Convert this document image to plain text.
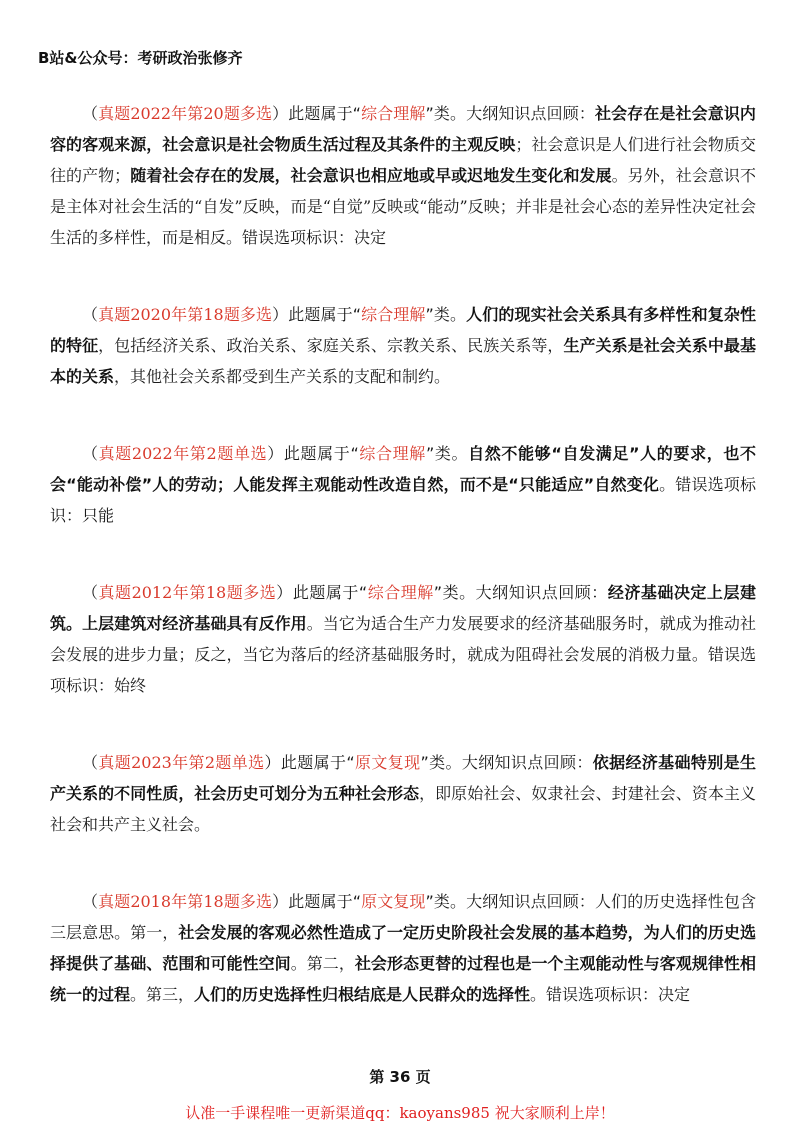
B站&公众号：考研政治张修齐

（真题2022年第20题多选）此题属于“综合理解”类。大纲知识点回顾：社会存在是社会意识内容的客观来源，社会意识是社会物质生活过程及其条件的主观反映；社会意识是人们进行社会物质交往的产物；随着社会存在的发展，社会意识也相应地或早或迟地发生变化和发展。另外，社会意识不是主体对社会生活的“自发”反映，而是“自觉”反映或“能动”反映；并非是社会心态的差异性决定社会生活的多样性，而是相反。错误选项标识：决定

（真题2020年第18题多选）此题属于“综合理解”类。人们的现实社会关系具有多样性和复杂性的特征，包括经济关系、政治关系、家庭关系、宗教关系、民族关系等，生产关系是社会关系中最基本的关系，其他社会关系都受到生产关系的支配和制约。

（真题2022年第2题单选）此题属于“综合理解”类。自然不能够“自发满足”人的要求，也不会“能动补偿”人的劳动；人能发挥主观能动性改造自然，而不是“只能适应”自然变化。错误选项标识：只能

（真题2012年第18题多选）此题属于“综合理解”类。大纲知识点回顾：经济基础决定上层建筑。上层建筑对经济基础具有反作用。当它为适合生产力发展要求的经济基础服务时，就成为推动社会发展的进步力量；反之，当它为落后的经济基础服务时，就成为阻碍社会发展的消极力量。错误选项标识：始终

（真题2023年第2题单选）此题属于“原文复现”类。大纲知识点回顾：依据经济基础特别是生产关系的不同性质，社会历史可划分为五种社会形态，即原始社会、奴隶社会、封建社会、资本主义社会和共产主义社会。

（真题2018年第18题多选）此题属于“原文复现”类。大纲知识点回顾：人们的历史选择性包含三层意思。第一，社会发展的客观必然性造成了一定历史阶段社会发展的基本趋势，为人们的历史选择提供了基础、范围和可能性空间。第二，社会形态更替的过程也是一个主观能动性与客观规律性相统一的过程。第三，人们的历史选择性归根结底是人民群众的选择性。错误选项标识：决定

第 36 页
认准一手课程唯一更新渠道qq：kaoyans985 祝大家顺利上岸！
